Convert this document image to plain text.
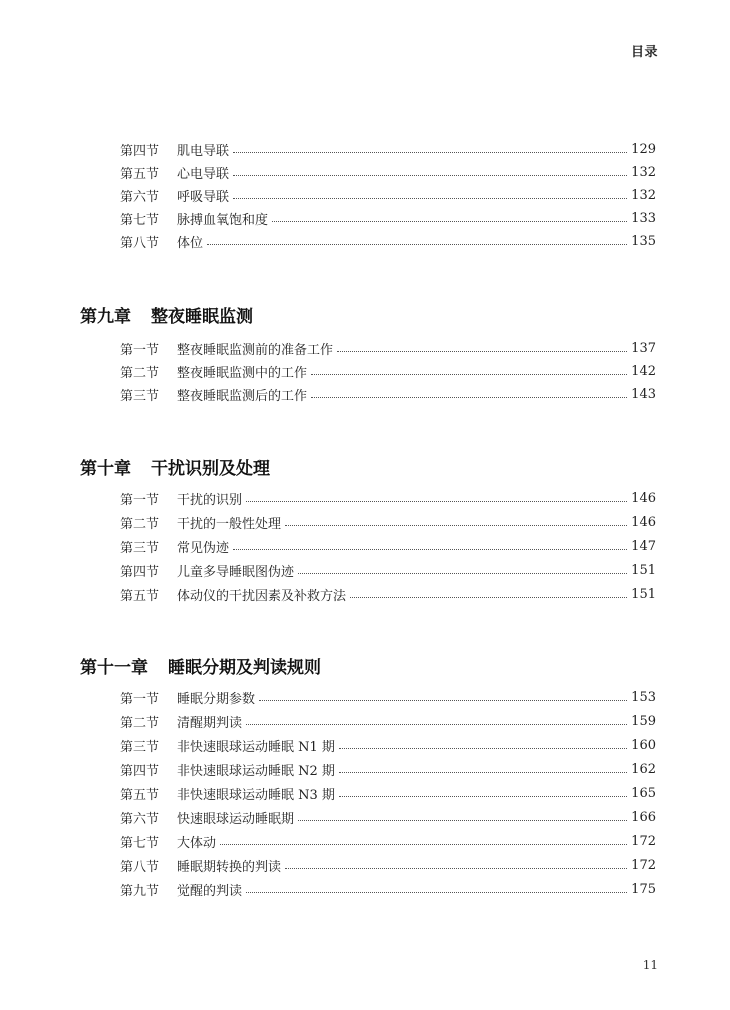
目录
第四节	肌电导联	129
第五节	心电导联	132
第六节	呼吸导联	132
第七节	脉搏血氧饱和度	133
第八节	体位	135
第九章 整夜睡眠监测
第一节	整夜睡眠监测前的准备工作	137
第二节	整夜睡眠监测中的工作	142
第三节	整夜睡眠监测后的工作	143
第十章 干扰识别及处理
第一节	干扰的识别	146
第二节	干扰的一般性处理	146
第三节	常见伪迹	147
第四节	儿童多导睡眠图伪迹	151
第五节	体动仪的干扰因素及补救方法	151
第十一章 睡眠分期及判读规则
第一节	睡眠分期参数	153
第二节	清醒期判读	159
第三节	非快速眼球运动睡眠 N1 期	160
第四节	非快速眼球运动睡眠 N2 期	162
第五节	非快速眼球运动睡眠 N3 期	165
第六节	快速眼球运动睡眠期	166
第七节	大体动	172
第八节	睡眠期转换的判读	172
第九节	觉醒的判读	175
11
